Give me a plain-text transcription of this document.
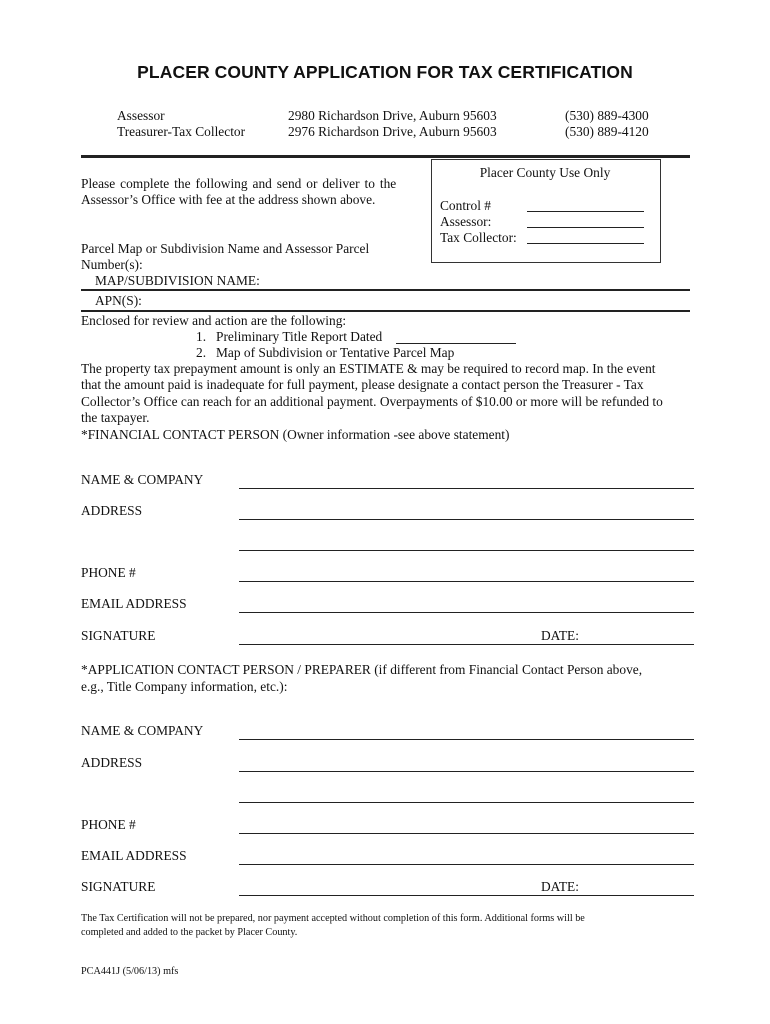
PLACER COUNTY APPLICATION FOR TAX CERTIFICATION
Assessor	2980 Richardson Drive, Auburn 95603	(530) 889-4300
Treasurer-Tax Collector	2976 Richardson Drive, Auburn 95603	(530) 889-4120
Please complete the following and send or deliver to the
Assessor’s Office with fee at the address shown above.
Placer County Use Only
Control #
Assessor:
Tax Collector:
Parcel Map or Subdivision Name and Assessor Parcel
Number(s):
MAP/SUBDIVISION NAME:
APN(S):
Enclosed for review and action are the following:
1. Preliminary Title Report Dated
2. Map of Subdivision or Tentative Parcel Map
The property tax prepayment amount is only an ESTIMATE & may be required to record map. In the event
that the amount paid is inadequate for full payment, please designate a contact person the Treasurer - Tax
Collector’s Office can reach for an additional payment. Overpayments of $10.00 or more will be refunded to
the taxpayer.
*FINANCIAL CONTACT PERSON (Owner information -see above statement)
NAME & COMPANY
ADDRESS
PHONE #
EMAIL ADDRESS
SIGNATURE	DATE:
*APPLICATION CONTACT PERSON / PREPARER (if different from Financial Contact Person above,
e.g., Title Company information, etc.):
NAME & COMPANY
ADDRESS
PHONE #
EMAIL ADDRESS
SIGNATURE	DATE:
The Tax Certification will not be prepared, nor payment accepted without completion of this form. Additional forms will be
completed and added to the packet by Placer County.
PCA441J (5/06/13) mfs
